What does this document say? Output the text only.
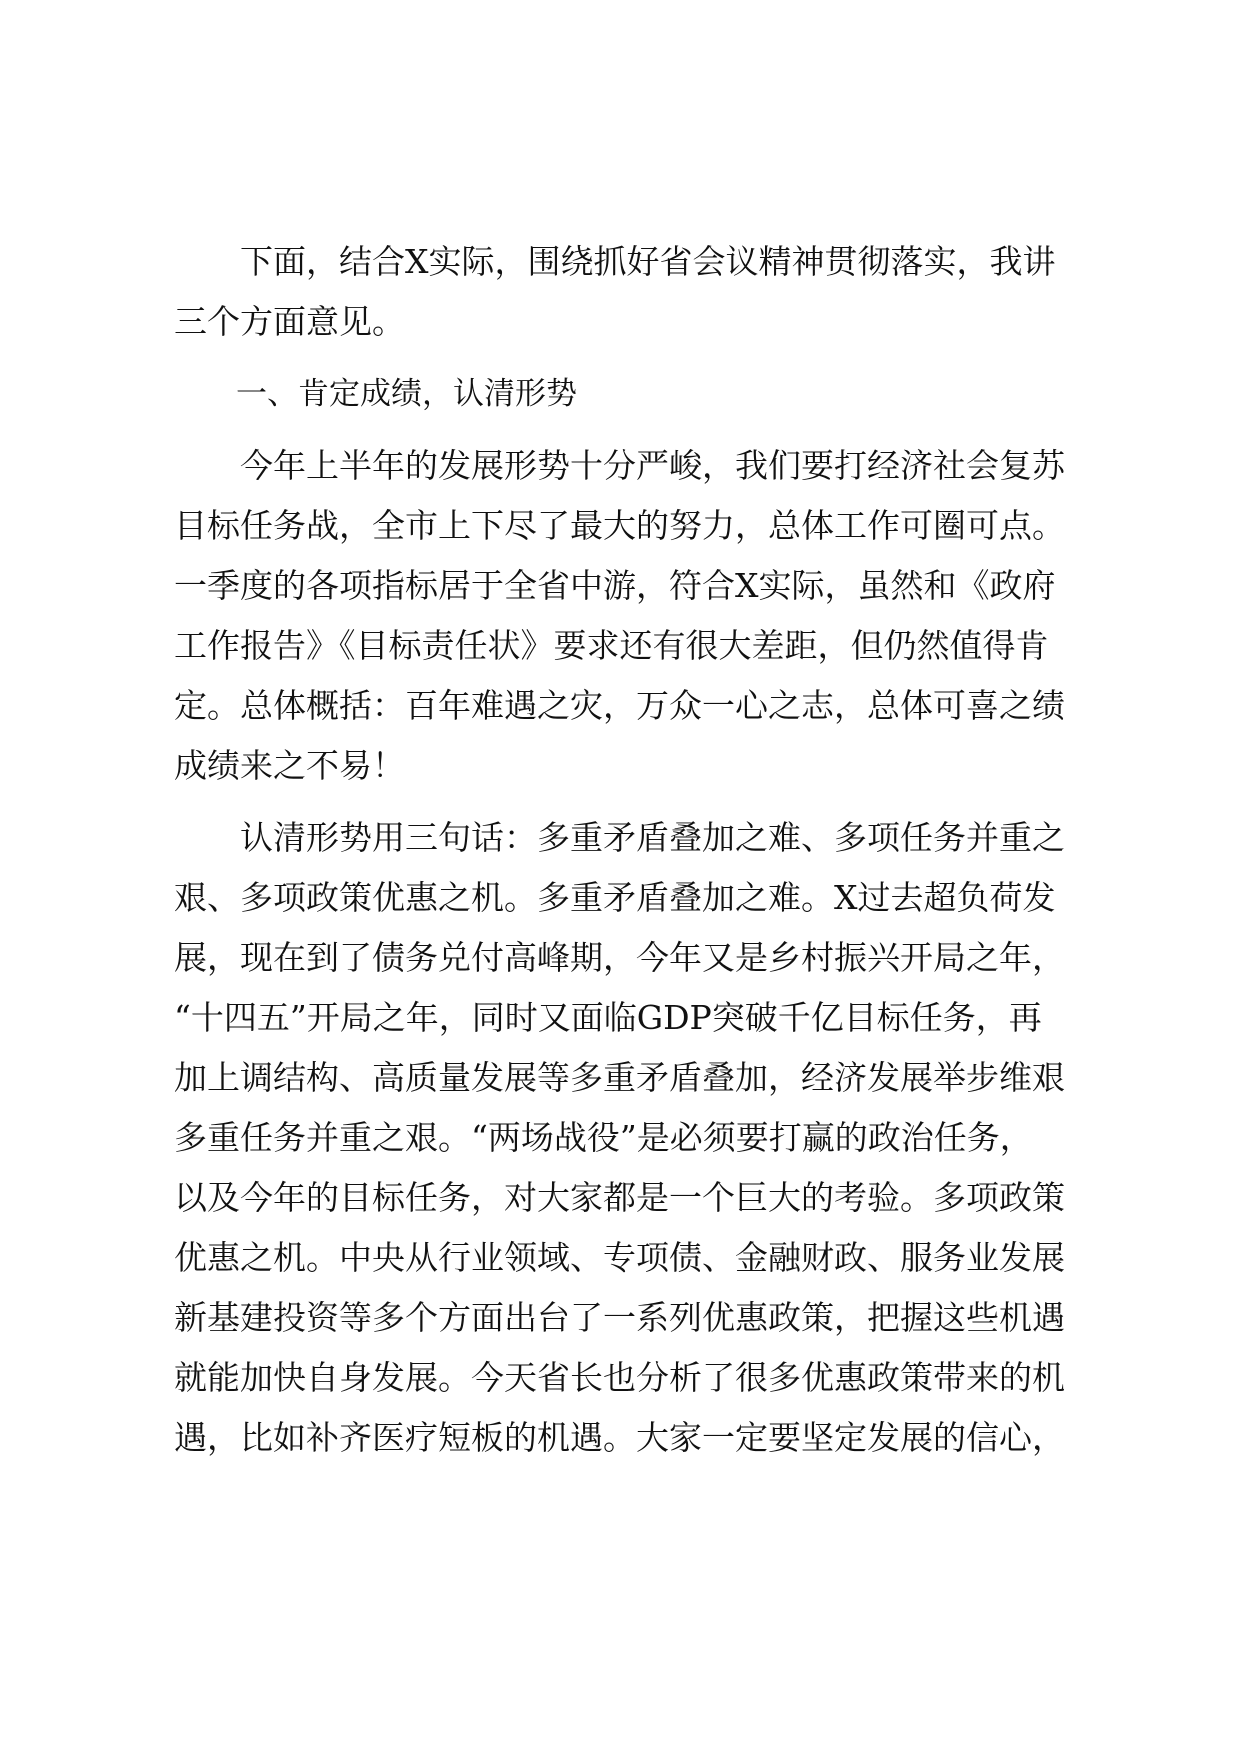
下面，结合X实际，围绕抓好省会议精神贯彻落实，我讲
三个方面意见。

一、肯定成绩，认清形势

今年上半年的发展形势十分严峻，我们要打经济社会复苏
目标任务战，全市上下尽了最大的努力，总体工作可圈可点。
一季度的各项指标居于全省中游，符合X实际，虽然和《政府
工作报告》《目标责任状》要求还有很大差距，但仍然值得肯
定。总体概括：百年难遇之灾，万众一心之志，总体可喜之绩
成绩来之不易！

认清形势用三句话：多重矛盾叠加之难、多项任务并重之
艰、多项政策优惠之机。多重矛盾叠加之难。X过去超负荷发
展，现在到了债务兑付高峰期，今年又是乡村振兴开局之年，
“十四五”开局之年，同时又面临GDP突破千亿目标任务，再
加上调结构、高质量发展等多重矛盾叠加，经济发展举步维艰
多重任务并重之艰。“两场战役”是必须要打赢的政治任务，
以及今年的目标任务，对大家都是一个巨大的考验。多项政策
优惠之机。中央从行业领域、专项债、金融财政、服务业发展
新基建投资等多个方面出台了一系列优惠政策，把握这些机遇
就能加快自身发展。今天省长也分析了很多优惠政策带来的机
遇，比如补齐医疗短板的机遇。大家一定要坚定发展的信心，
